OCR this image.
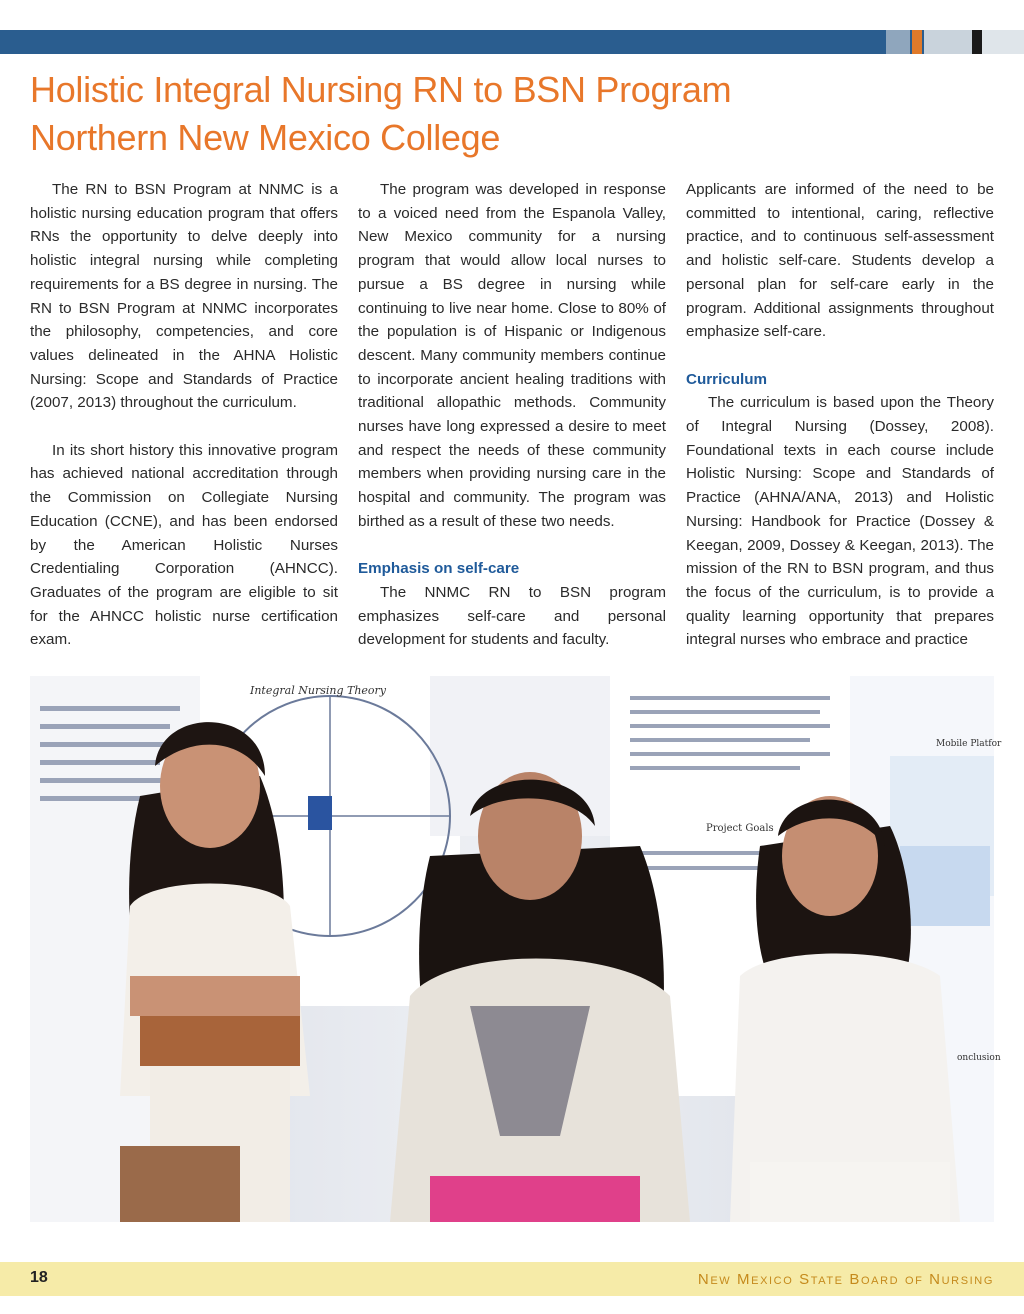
Holistic Integral Nursing RN to BSN Program
Northern New Mexico College

The RN to BSN Program at NNMC is a holistic nursing education program that offers RNs the opportunity to delve deeply into holistic integral nursing while completing requirements for a BS degree in nursing. The RN to BSN Program at NNMC incorporates the philosophy, competencies, and core values delineated in the AHNA Holistic Nursing: Scope and Standards of Practice (2007, 2013) throughout the curriculum.

In its short history this innovative program has achieved national accreditation through the Commission on Collegiate Nursing Education (CCNE), and has been endorsed by the American Holistic Nurses Credentialing Corporation (AHNCC). Graduates of the program are eligible to sit for the AHNCC holistic nurse certification exam.

The program was developed in response to a voiced need from the Espanola Valley, New Mexico community for a nursing program that would allow local nurses to pursue a BS degree in nursing while continuing to live near home. Close to 80% of the population is of Hispanic or Indigenous descent. Many community members continue to incorporate ancient healing traditions with traditional allopathic methods. Community nurses have long expressed a desire to meet and respect the needs of these community members when providing nursing care in the hospital and community. The program was birthed as a result of these two needs.

Emphasis on self-care

The NNMC RN to BSN program emphasizes self-care and personal development for students and faculty.

Applicants are informed of the need to be committed to intentional, caring, reflective practice, and to continuous self-assessment and holistic self-care. Students develop a personal plan for self-care early in the program. Additional assignments throughout emphasize self-care.

Curriculum

The curriculum is based upon the Theory of Integral Nursing (Dossey, 2008). Foundational texts in each course include Holistic Nursing: Scope and Standards of Practice (AHNA/ANA, 2013) and Holistic Nursing: Handbook for Practice (Dossey & Keegan, 2009, Dossey & Keegan, 2013). The mission of the RN to BSN program, and thus the focus of the curriculum, is to provide a quality learning opportunity that prepares integral nurses who embrace and practice

Integral Nursing Theory
Project Goals
Mobile Platfor
onclusion
18	New Mexico State Board of Nursing
